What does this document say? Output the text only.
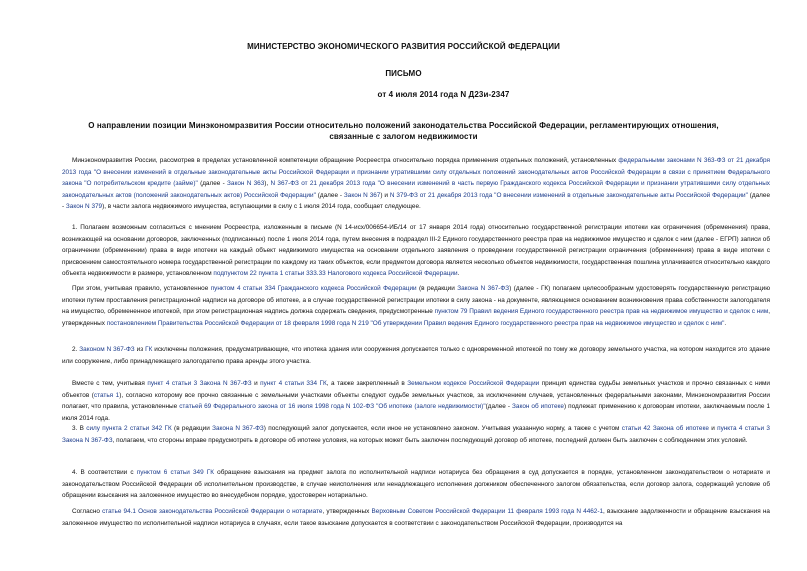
МИНИСТЕРСТВО ЭКОНОМИЧЕСКОГО РАЗВИТИЯ РОССИЙСКОЙ ФЕДЕРАЦИИ
ПИСЬМО
от 4 июля 2014 года N Д23и-2347
О направлении позиции Минэкономразвития России относительно положений законодательства Российской Федерации, регламентирующих отношения,
связанные с залогом недвижимости

Минэкономразвития России, рассмотрев в пределах установленной компетенции обращение Росреестра относительно порядка применения отдельных положений, установленных федеральными законами N 363-ФЗ от 21 декабря 2013 года "О внесении изменений в отдельные законодательные акты Российской Федерации и признании утратившими силу отдельных положений законодательных актов Российской Федерации в связи с принятием Федерального закона "О потребительском кредите (займе)" (далее - Закон N 363), N 367-ФЗ от 21 декабря 2013 года "О внесении изменений в часть первую Гражданского кодекса Российской Федерации и признании утратившими силу отдельных законодательных актов (положений законодательных актов) Российской Федерации" (далее - Закон N 367) и N 379-ФЗ от 21 декабря 2013 года "О внесении изменений в отдельные законодательные акты Российской Федерации" (далее - Закон N 379), в части залога недвижимого имущества, вступающими в силу с 1 июля 2014 года, сообщает следующее.

1. Полагаем возможным согласиться с мнением Росреестра, изложенным в письме (N 14-исх/006654-ИБ/14 от 17 января 2014 года) относительно государственной регистрации ипотеки как ограничения (обременения) права, возникающей на основании договоров, заключенных (подписанных) после 1 июля 2014 года, путем внесения в подраздел III-2 Единого государственного реестра прав на недвижимое имущество и сделок с ним (далее - ЕГРП) записи об ограничении (обременении) права в виде ипотеки на каждый объект недвижимого имущества на основании отдельного заявления о проведении государственной регистрации ограничения (обременения) права в виде ипотеки с присвоением самостоятельного номера государственной регистрации по каждому из таких объектов, если предметом договора является несколько объектов недвижимости, государственная пошлина уплачивается относительно каждого объекта недвижимости в размере, установленном подпунктом 22 пункта 1 статьи 333.33 Налогового кодекса Российской Федерации.

При этом, учитывая правило, установленное пунктом 4 статьи 334 Гражданского кодекса Российской Федерации (в редакции Закона N 367-ФЗ) (далее - ГК) полагаем целесообразным удостоверять государственную регистрацию ипотеки путем проставления регистрационной надписи на договоре об ипотеке, а в случае государственной регистрации ипотеки в силу закона - на документе, являющемся основанием возникновения права собственности залогодателя на имущество, обремененное ипотекой, при этом регистрационная надпись должна содержать сведения, предусмотренные пунктом 79 Правил ведения Единого государственного реестра прав на недвижимое имущество и сделок с ним, утвержденных постановлением Правительства Российской Федерации от 18 февраля 1998 года N 219 "Об утверждении Правил ведения Единого государственного реестра прав на недвижимое имущество и сделок с ним".

2. Законом N 367-ФЗ из ГК исключены положения, предусматривающие, что ипотека здания или сооружения допускается только с одновременной ипотекой по тому же договору земельного участка, на котором находится это здание или сооружение, либо принадлежащего залогодателю права аренды этого участка.

Вместе с тем, учитывая пункт 4 статьи 3 Закона N 367-ФЗ и пункт 4 статьи 334 ГК, а также закрепленный в Земельном кодексе Российской Федерации принцип единства судьбы земельных участков и прочно связанных с ними объектов (статья 1), согласно которому все прочно связанные с земельными участками объекты следуют судьбе земельных участков, за исключением случаев, установленных федеральными законами, Минэкономразвития России полагает, что правила, установленные статьей 69 Федерального закона от 16 июля 1998 года N 102-ФЗ "Об ипотеке (залоге недвижимости)"(далее - Закон об ипотеке) подлежат применению к договорам ипотеки, заключаемым после 1 июля 2014 года.

3. В силу пункта 2 статьи 342 ГК (в редакции Закона N 367-ФЗ) последующий залог допускается, если иное не установлено законом. Учитывая указанную норму, а также с учетом статьи 42 Закона об ипотеке и пункта 4 статьи 3 Закона N 367-ФЗ, полагаем, что стороны вправе предусмотреть в договоре об ипотеке условия, на которых может быть заключен последующий договор об ипотеке, последний должен быть заключен с соблюдением этих условий.

4. В соответствии с пунктом 6 статьи 349 ГК обращение взыскания на предмет залога по исполнительной надписи нотариуса без обращения в суд допускается в порядке, установленном законодательством о нотариате и законодательством Российской Федерации об исполнительном производстве, в случае неисполнения или ненадлежащего исполнения должником обеспеченного залогом обязательства, если договор залога, содержащий условие об обращении взыскания на заложенное имущество во внесудебном порядке, удостоверен нотариально.

Согласно статье 94.1 Основ законодательства Российской Федерации о нотариате, утвержденных Верховным Советом Российской Федерации 11 февраля 1993 года N 4462-1, взыскание задолженности и обращение взыскания на заложенное имущество по исполнительной надписи нотариуса в случаях, если такое взыскание допускается в соответствии с законодательством Российской Федерации, производится на
